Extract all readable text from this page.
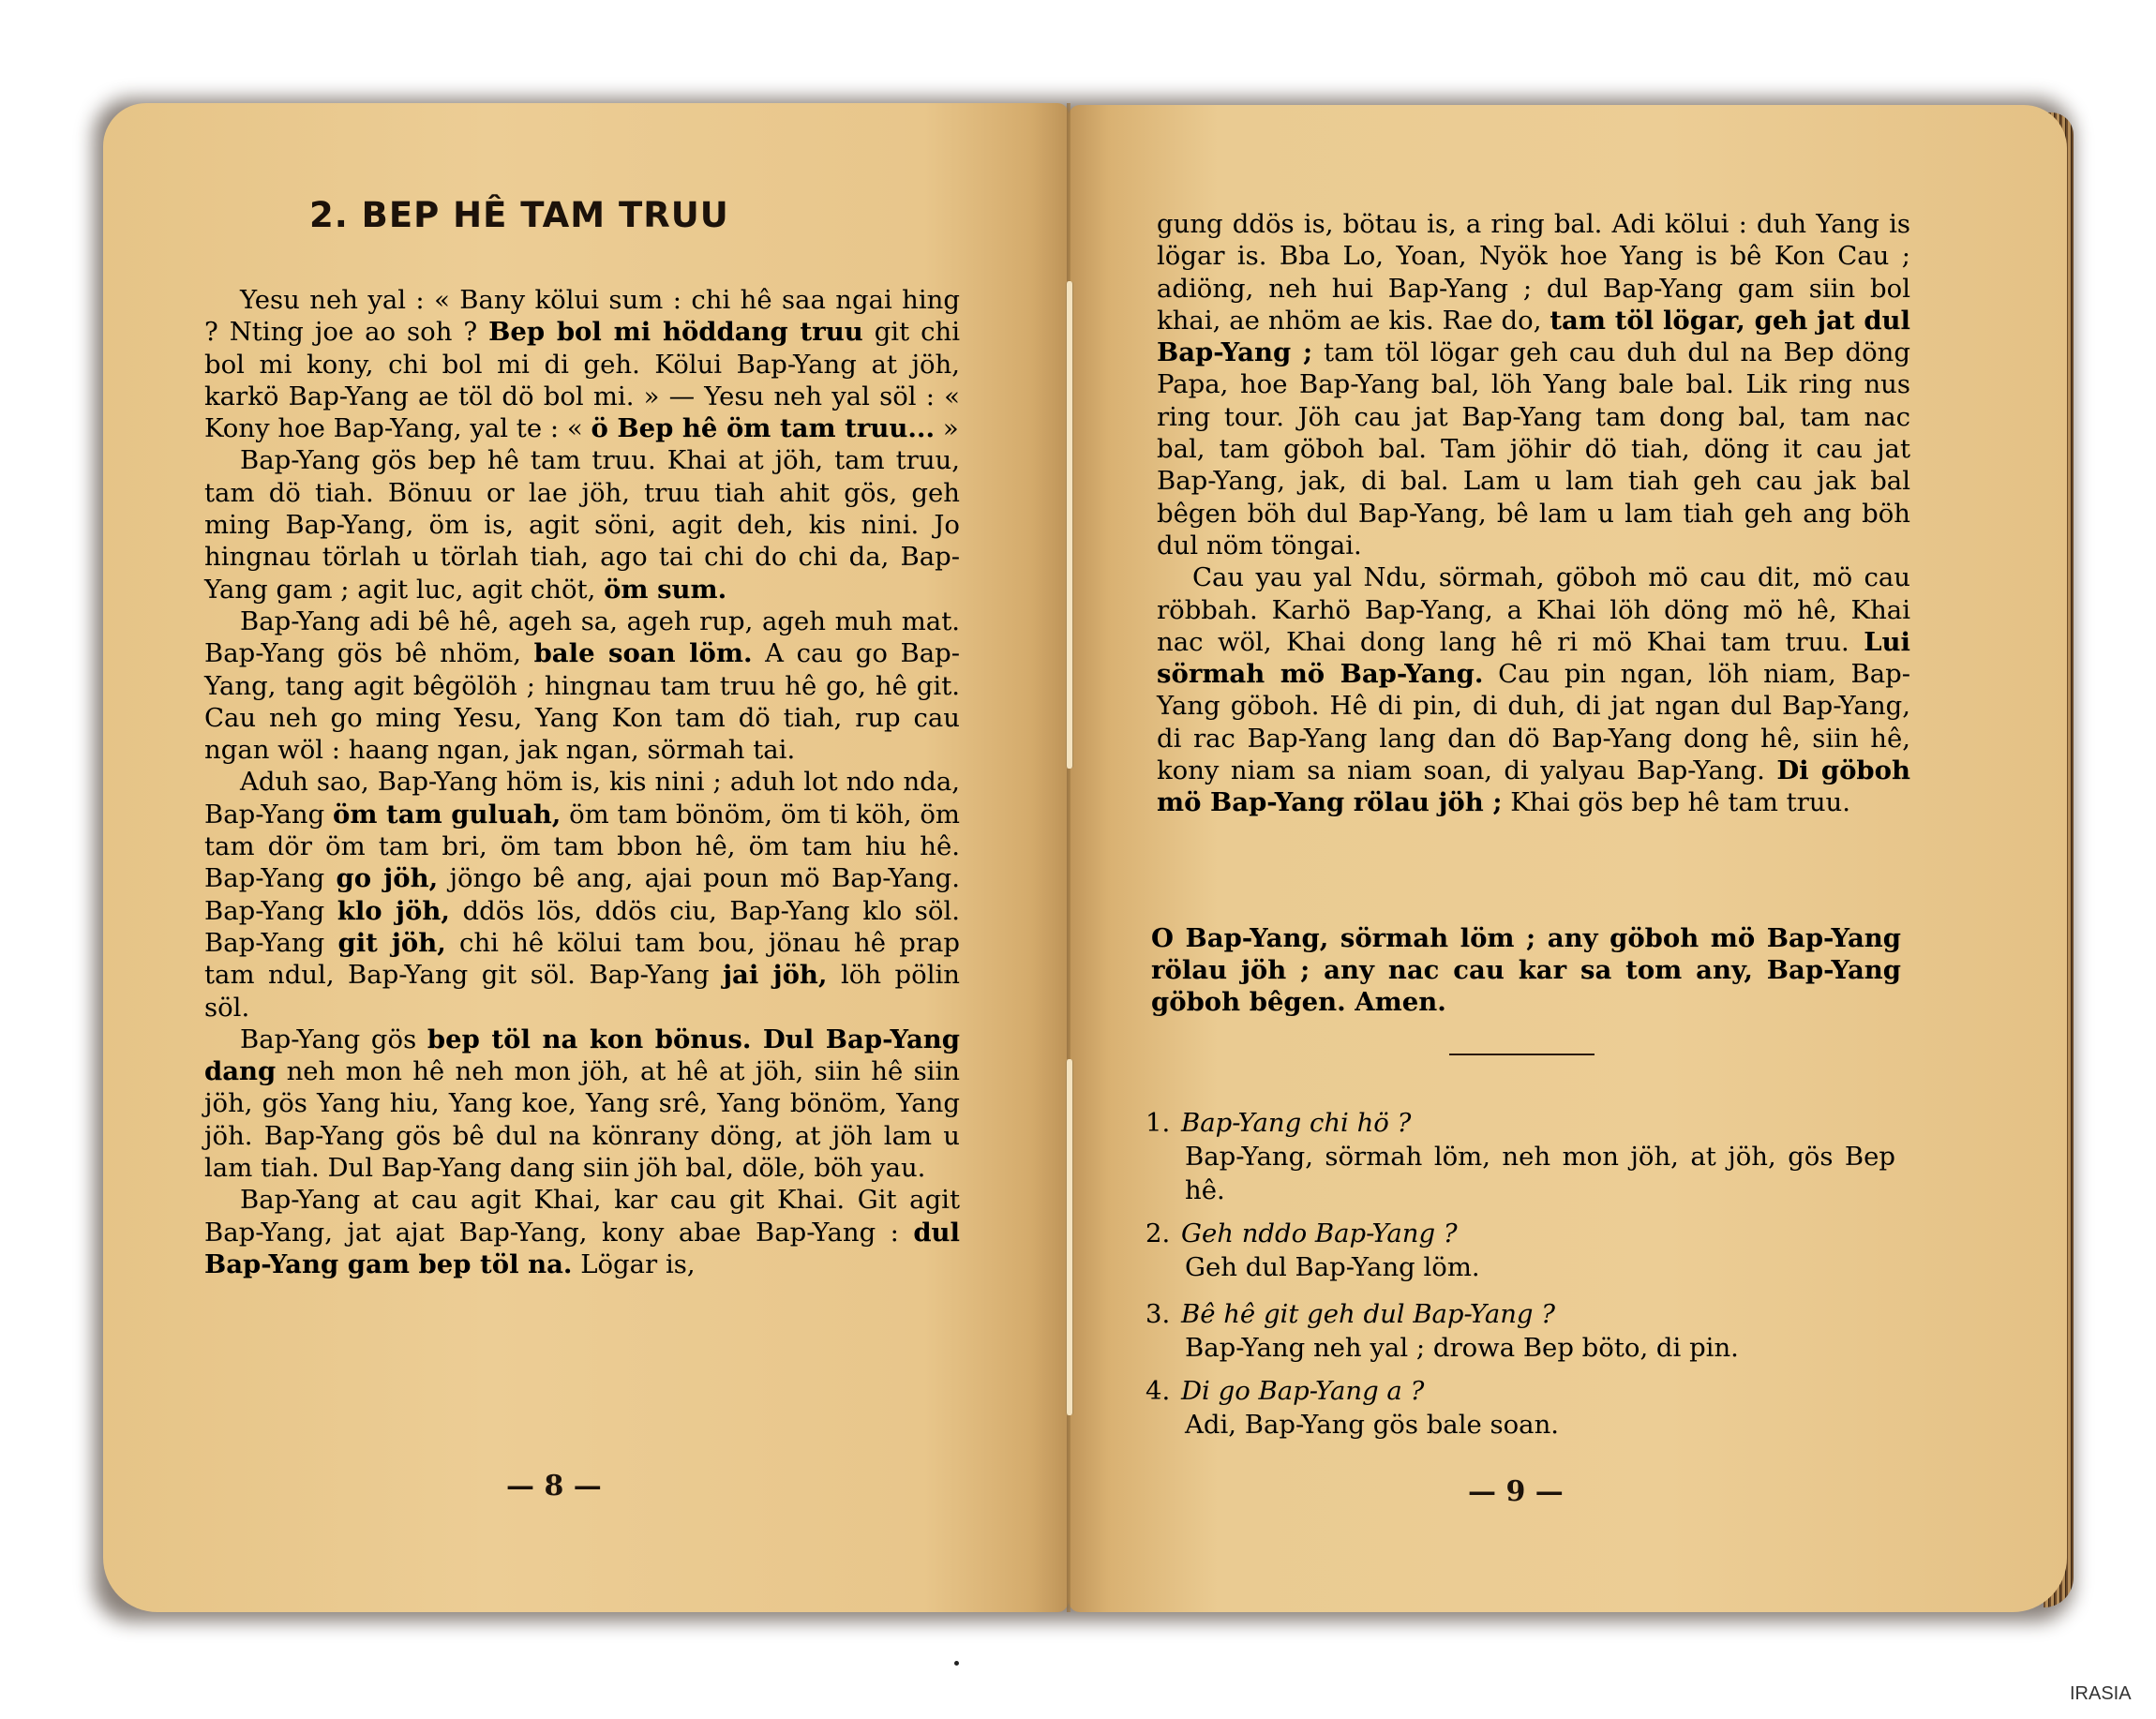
2. BEP HÊ TAM TRUU

Yesu neh yal : « Bany kölui sum : chi hê saa ngai hing ? Nting joe ao soh ? Bep bol mi höddang truu git chi bol mi kony, chi bol mi di geh. Kölui Bap-Yang at jöh, karkö Bap-Yang ae töl dö bol mi. » — Yesu neh yal söl : « Kony hoe Bap-Yang, yal te : « ö Bep hê öm tam truu... »

Bap-Yang gös bep hê tam truu. Khai at jöh, tam truu, tam dö tiah. Bönuu or lae jöh, truu tiah ahit gös, geh ming Bap-Yang, öm is, agit söni, agit deh, kis nini. Jo hingnau törlah u törlah tiah, ago tai chi do chi da, Bap-Yang gam ; agit luc, agit chöt, öm sum.

Bap-Yang adi bê hê, ageh sa, ageh rup, ageh muh mat. Bap-Yang gös bê nhöm, bale soan löm. A cau go Bap-Yang, tang agit bêgölöh ; hingnau tam truu hê go, hê git. Cau neh go ming Yesu, Yang Kon tam dö tiah, rup cau ngan wöl : haang ngan, jak ngan, sörmah tai.

Aduh sao, Bap-Yang höm is, kis nini ; aduh lot ndo nda, Bap-Yang öm tam guluah, öm tam bönöm, öm ti köh, öm tam dör öm tam bri, öm tam bbon hê, öm tam hiu hê. Bap-Yang go jöh, jöngo bê ang, ajai poun mö Bap-Yang. Bap-Yang klo jöh, ddös lös, ddös ciu, Bap-Yang klo söl. Bap-Yang git jöh, chi hê kölui tam bou, jönau hê prap tam ndul, Bap-Yang git söl. Bap-Yang jai jöh, löh pölin söl.

Bap-Yang gös bep töl na kon bönus. Dul Bap-Yang dang neh mon hê neh mon jöh, at hê at jöh, siin hê siin jöh, gös Yang hiu, Yang koe, Yang srê, Yang bönöm, Yang jöh. Bap-Yang gös bê dul na könrany döng, at jöh lam u lam tiah. Dul Bap-Yang dang siin jöh bal, döle, böh yau.

Bap-Yang at cau agit Khai, kar cau git Khai. Git agit Bap-Yang, jat ajat Bap-Yang, kony abae Bap-Yang : dul Bap-Yang gam bep töl na. Lögar is,

— 8 —

gung ddös is, bötau is, a ring bal. Adi kölui : duh Yang is lögar is. Bba Lo, Yoan, Nyök hoe Yang is bê Kon Cau ; adiöng, neh hui Bap-Yang ; dul Bap-Yang gam siin bol khai, ae nhöm ae kis. Rae do, tam töl lögar, geh jat dul Bap-Yang ; tam töl lögar geh cau duh dul na Bep döng Papa, hoe Bap-Yang bal, löh Yang bale bal. Lik ring nus ring tour. Jöh cau jat Bap-Yang tam dong bal, tam nac bal, tam göboh bal. Tam jöhir dö tiah, döng it cau jat Bap-Yang, jak, di bal. Lam u lam tiah geh cau jak bal bêgen böh dul Bap-Yang, bê lam u lam tiah geh ang böh dul nöm töngai.

Cau yau yal Ndu, sörmah, göboh mö cau dit, mö cau röbbah. Karhö Bap-Yang, a Khai löh döng mö hê, Khai nac wöl, Khai dong lang hê ri mö Khai tam truu. Lui sörmah mö Bap-Yang. Cau pin ngan, löh niam, Bap-Yang göboh. Hê di pin, di duh, di jat ngan dul Bap-Yang, di rac Bap-Yang lang dan dö Bap-Yang dong hê, siin hê, kony niam sa niam soan, di yalyau Bap-Yang. Di göboh mö Bap-Yang rölau jöh ; Khai gös bep hê tam truu.

O Bap-Yang, sörmah löm ; any göboh mö Bap-Yang rölau jöh ; any nac cau kar sa tom any, Bap-Yang göboh bêgen. Amen.

1. Bap-Yang chi hö ?
Bap-Yang, sörmah löm, neh mon jöh, at jöh, gös Bep hê.
2. Geh nddo Bap-Yang ?
Geh dul Bap-Yang löm.
3. Bê hê git geh dul Bap-Yang ?
Bap-Yang neh yal ; drowa Bep böto, di pin.
4. Di go Bap-Yang a ?
Adi, Bap-Yang gös bale soan.
— 9 —
IRASIA
